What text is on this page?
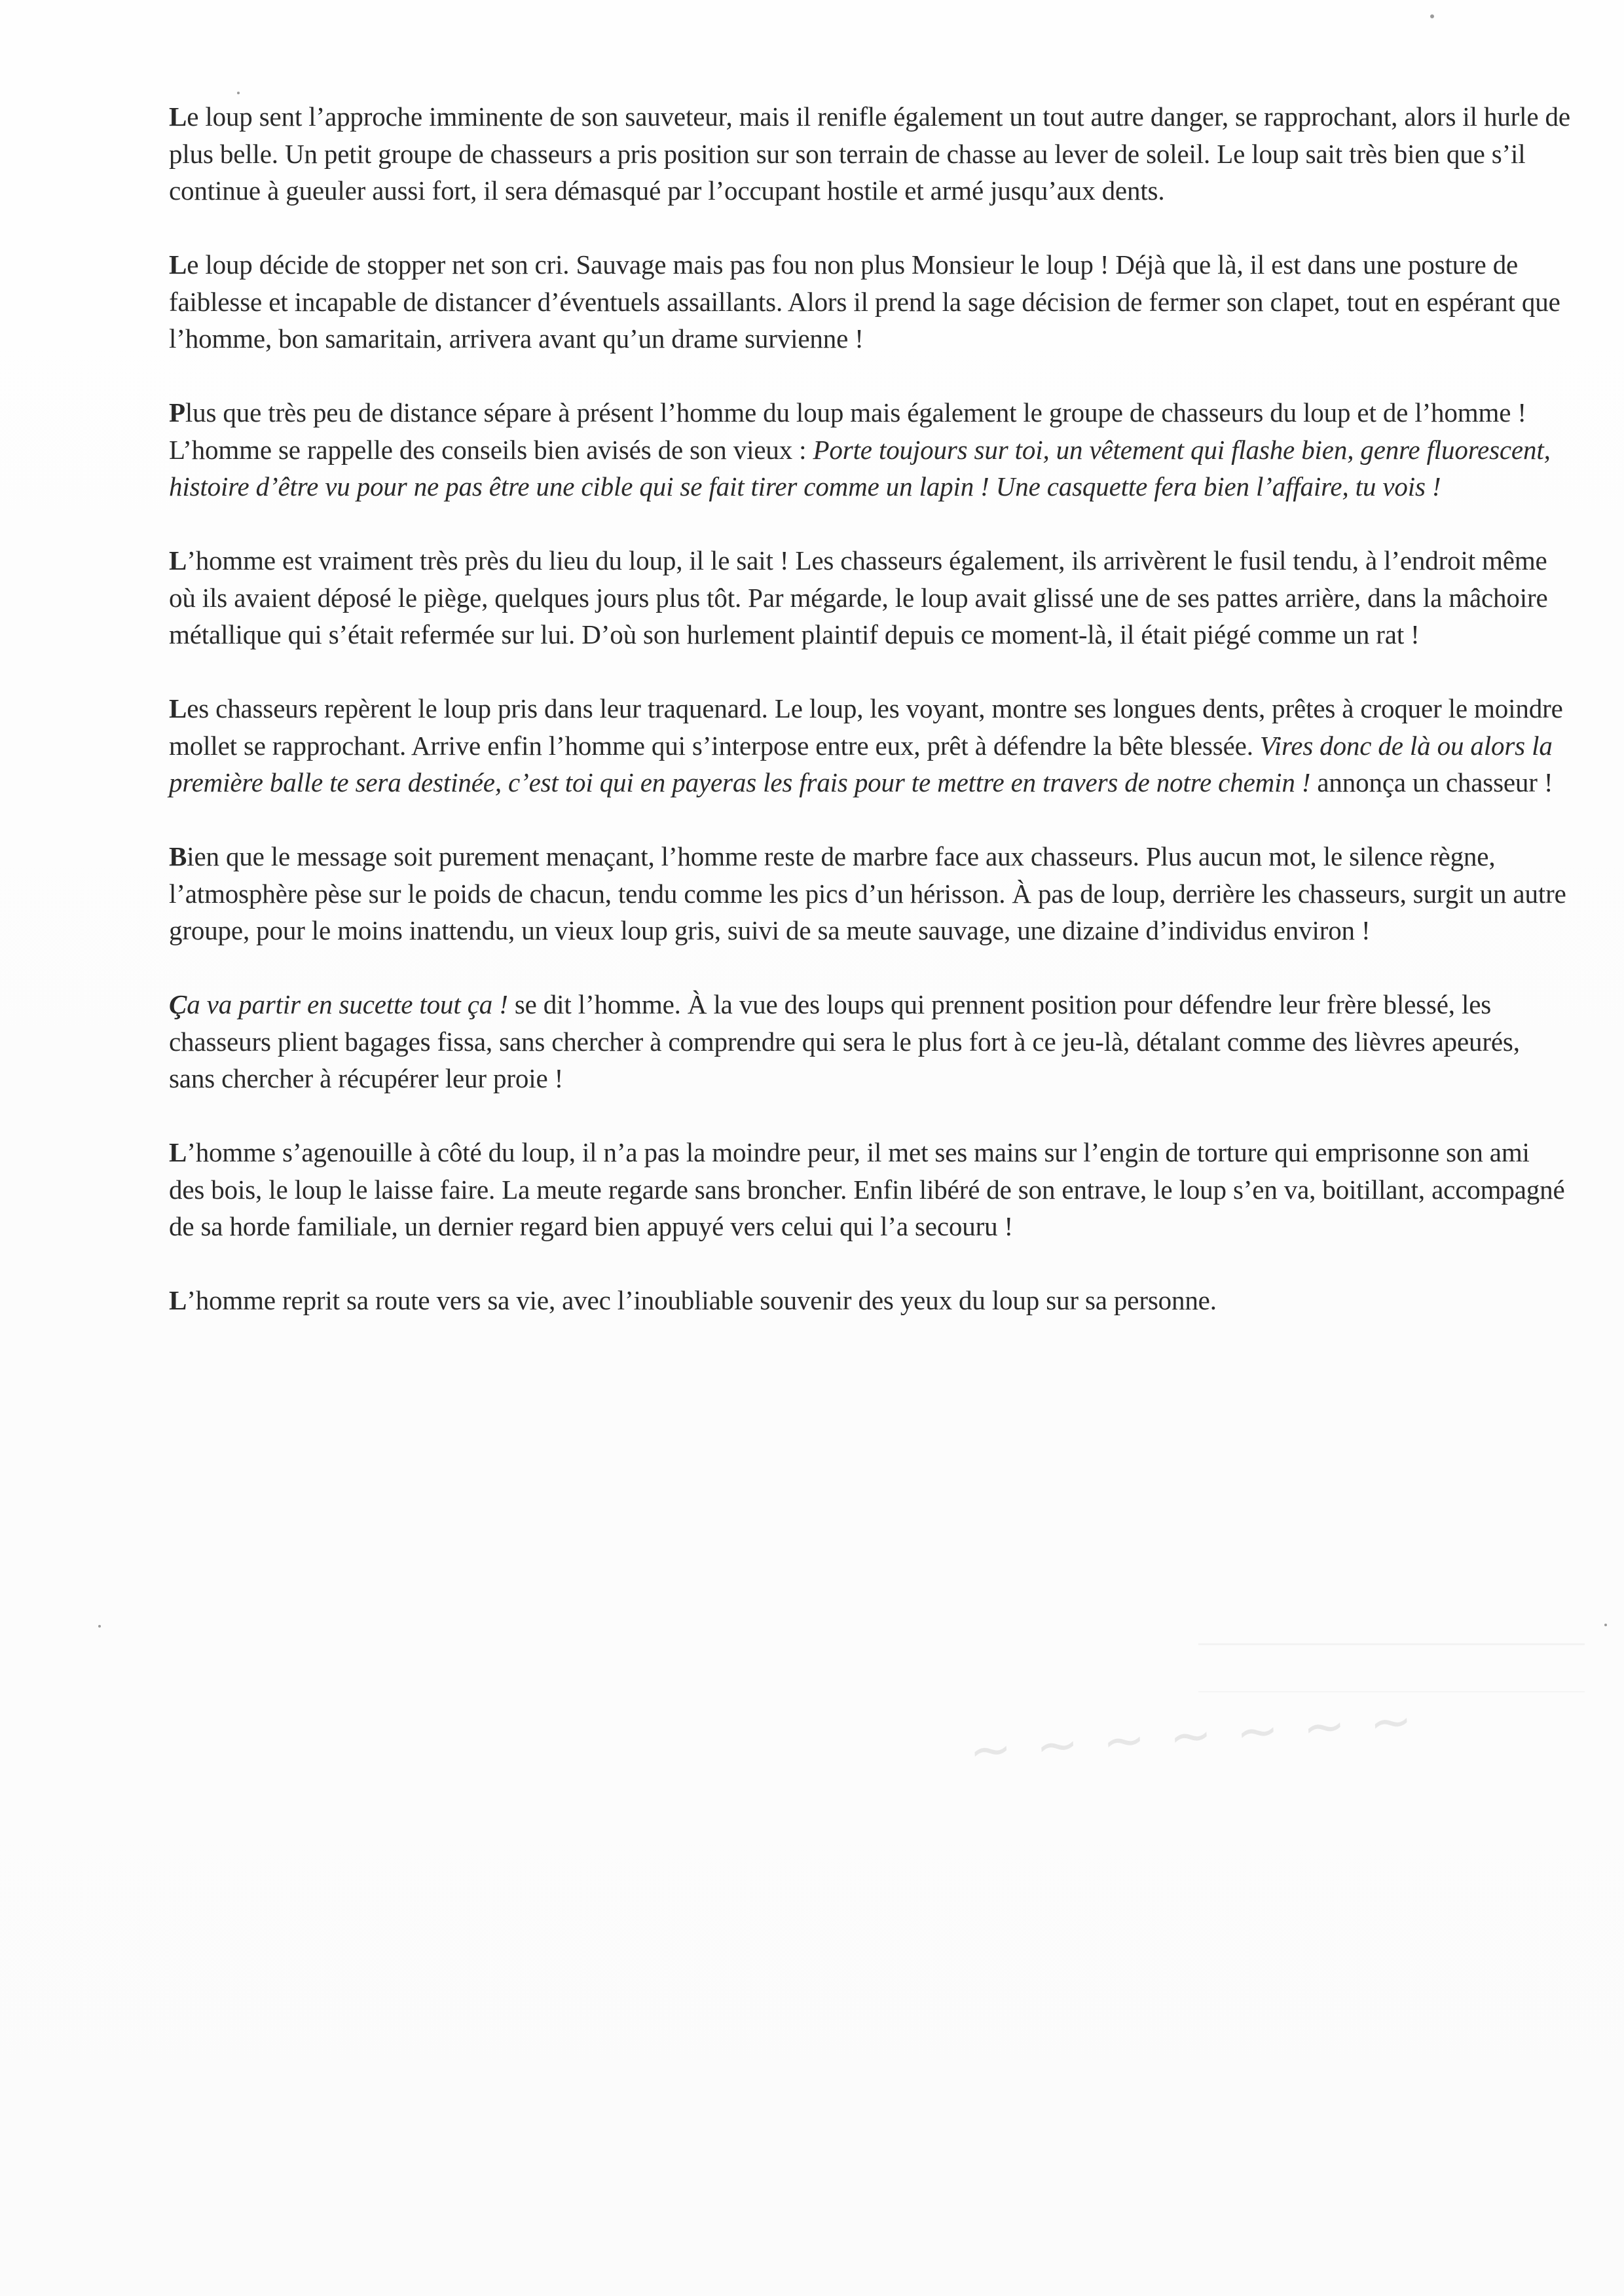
~ ~ ~ ~ ~ ~ ~

Le loup sent l’approche imminente de son sauveteur, mais il renifle également un tout autre danger, se rapprochant, alors il hurle de plus belle. Un petit groupe de chasseurs a pris position sur son terrain de chasse au lever de soleil. Le loup sait très bien que s’il continue à gueuler aussi fort, il sera démasqué par l’occupant hostile et armé jusqu’aux dents.

Le loup décide de stopper net son cri. Sauvage mais pas fou non plus Monsieur le loup ! Déjà que là, il est dans une posture de faiblesse et incapable de distancer d’éventuels assaillants. Alors il prend la sage décision de fermer son clapet, tout en espérant que l’homme, bon samaritain, arrivera avant qu’un drame survienne !

Plus que très peu de distance sépare à présent l’homme du loup mais également le groupe de chasseurs du loup et de l’homme ! L’homme se rappelle des conseils bien avisés de son vieux : Porte toujours sur toi, un vêtement qui flashe bien, genre fluorescent, histoire d’être vu pour ne pas être une cible qui se fait tirer comme un lapin ! Une casquette fera bien l’affaire, tu vois !

L’homme est vraiment très près du lieu du loup, il le sait ! Les chasseurs également, ils arrivèrent le fusil tendu, à l’endroit même où ils avaient déposé le piège, quelques jours plus tôt. Par mégarde, le loup avait glissé une de ses pattes arrière, dans la mâchoire métallique qui s’était refermée sur lui. D’où son hurlement plaintif depuis ce moment-là, il était piégé comme un rat !

Les chasseurs repèrent le loup pris dans leur traquenard. Le loup, les voyant, montre ses longues dents, prêtes à croquer le moindre mollet se rapprochant. Arrive enfin l’homme qui s’interpose entre eux, prêt à défendre la bête blessée. Vires donc de là ou alors la première balle te sera destinée, c’est toi qui en payeras les frais pour te mettre en travers de notre chemin ! annonça un chasseur !

Bien que le message soit purement menaçant, l’homme reste de marbre face aux chasseurs. Plus aucun mot, le silence règne, l’atmosphère pèse sur le poids de chacun, tendu comme les pics d’un hérisson. À pas de loup, derrière les chasseurs, surgit un autre groupe, pour le moins inattendu, un vieux loup gris, suivi de sa meute sauvage, une dizaine d’individus environ !

Ça va partir en sucette tout ça ! se dit l’homme. À la vue des loups qui prennent position pour défendre leur frère blessé, les chasseurs plient bagages fissa, sans chercher à comprendre qui sera le plus fort à ce jeu-là, détalant comme des lièvres apeurés, sans chercher à récupérer leur proie !

L’homme s’agenouille à côté du loup, il n’a pas la moindre peur, il met ses mains sur l’engin de torture qui emprisonne son ami des bois, le loup le laisse faire. La meute regarde sans broncher. Enfin libéré de son entrave, le loup s’en va, boitillant, accompagné de sa horde familiale, un dernier regard bien appuyé vers celui qui l’a secouru !

L’homme reprit sa route vers sa vie, avec l’inoubliable souvenir des yeux du loup sur sa personne.
